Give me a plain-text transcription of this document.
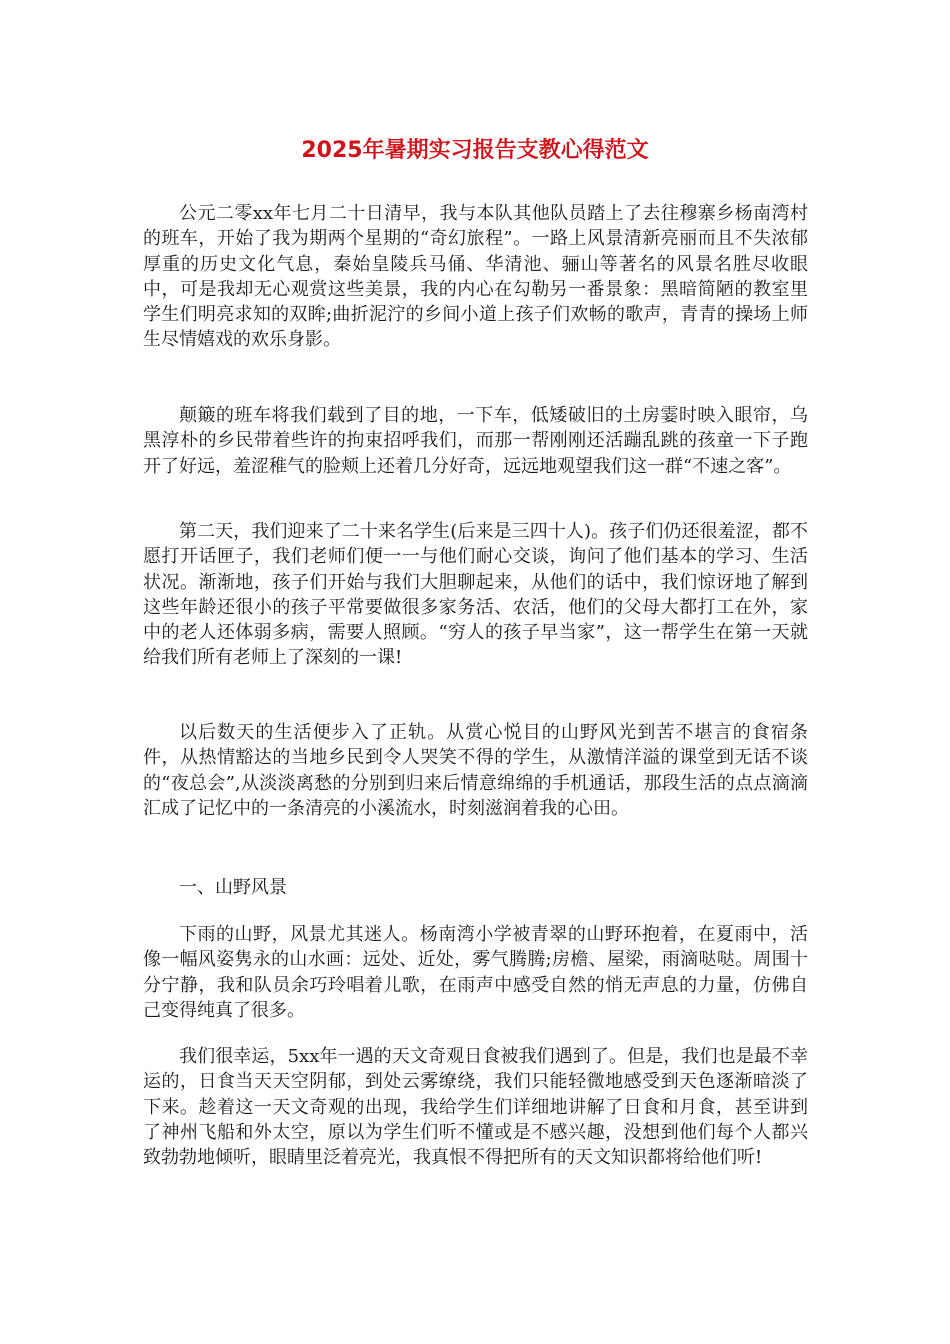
2025年暑期实习报告支教心得范文

公元二零xx年七月二十日清早，我与本队其他队员踏上了去往穆寨乡杨南湾村的班车，开始了我为期两个星期的“奇幻旅程”。一路上风景清新亮丽而且不失浓郁厚重的历史文化气息，秦始皇陵兵马俑、华清池、骊山等著名的风景名胜尽收眼中，可是我却无心观赏这些美景，我的内心在勾勒另一番景象：黑暗简陋的教室里学生们明亮求知的双眸;曲折泥泞的乡间小道上孩子们欢畅的歌声，青青的操场上师生尽情嬉戏的欢乐身影。

颠簸的班车将我们载到了目的地，一下车，低矮破旧的土房霎时映入眼帘，乌黑淳朴的乡民带着些许的拘束招呼我们，而那一帮刚刚还活蹦乱跳的孩童一下子跑开了好远，羞涩稚气的脸颊上还着几分好奇，远远地观望我们这一群“不速之客”。

第二天，我们迎来了二十来名学生(后来是三四十人)。孩子们仍还很羞涩，都不愿打开话匣子，我们老师们便一一与他们耐心交谈，询问了他们基本的学习、生活状况。渐渐地，孩子们开始与我们大胆聊起来，从他们的话中，我们惊讶地了解到这些年龄还很小的孩子平常要做很多家务活、农活，他们的父母大都打工在外，家中的老人还体弱多病，需要人照顾。“穷人的孩子早当家”，这一帮学生在第一天就给我们所有老师上了深刻的一课!

以后数天的生活便步入了正轨。从赏心悦目的山野风光到苦不堪言的食宿条件，从热情豁达的当地乡民到令人哭笑不得的学生，从激情洋溢的课堂到无话不谈的“夜总会”,从淡淡离愁的分别到归来后情意绵绵的手机通话，那段生活的点点滴滴汇成了记忆中的一条清亮的小溪流水，时刻滋润着我的心田。

一、山野风景

下雨的山野，风景尤其迷人。杨南湾小学被青翠的山野环抱着，在夏雨中，活像一幅风姿隽永的山水画：远处、近处，雾气腾腾;房檐、屋梁，雨滴哒哒。周围十分宁静，我和队员余巧玲唱着儿歌，在雨声中感受自然的悄无声息的力量，仿佛自己变得纯真了很多。

我们很幸运，5xx年一遇的天文奇观日食被我们遇到了。但是，我们也是最不幸运的，日食当天天空阴郁，到处云雾缭绕，我们只能轻微地感受到天色逐渐暗淡了下来。趁着这一天文奇观的出现，我给学生们详细地讲解了日食和月食，甚至讲到了神州飞船和外太空，原以为学生们听不懂或是不感兴趣，没想到他们每个人都兴致勃勃地倾听，眼睛里泛着亮光，我真恨不得把所有的天文知识都将给他们听!
